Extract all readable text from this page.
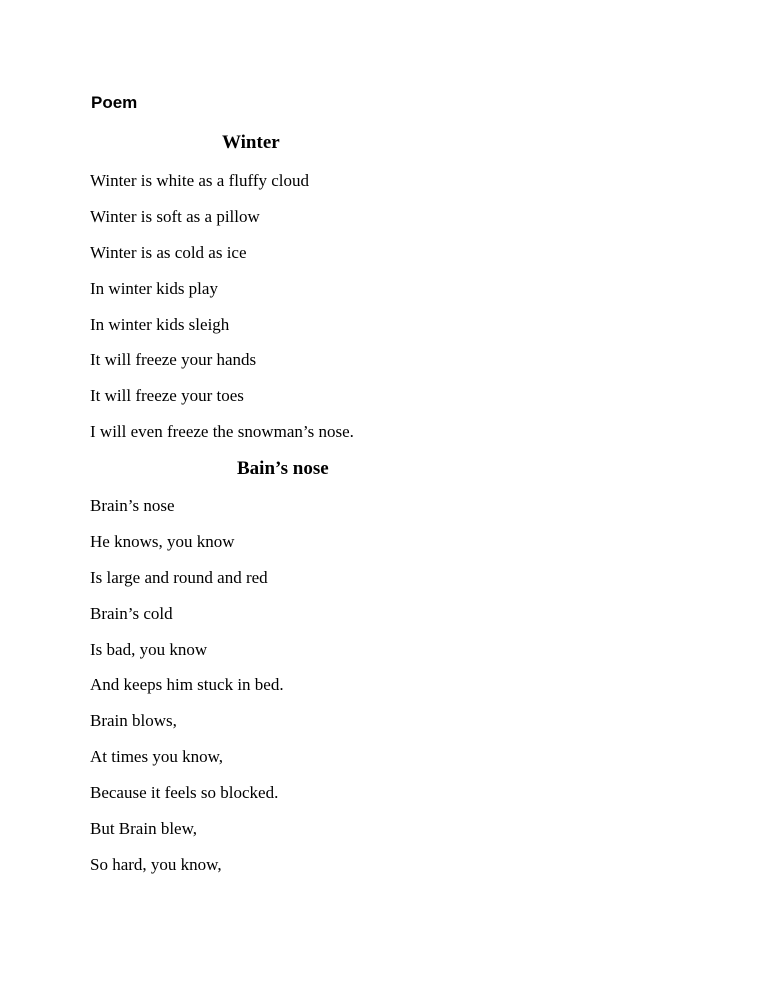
Poem
Winter
Winter is white as a fluffy cloud
Winter is soft as a pillow
Winter is as cold as ice
In winter kids play
In winter kids sleigh
It will freeze your hands
It will freeze your toes
I will even freeze the snowman’s nose.
Bain’s nose
Brain’s nose
He knows, you know
Is large and round and red
Brain’s cold
Is bad, you know
And keeps him stuck in bed.
Brain blows,
At times you know,
Because it feels so blocked.
But Brain blew,
So hard, you know,
